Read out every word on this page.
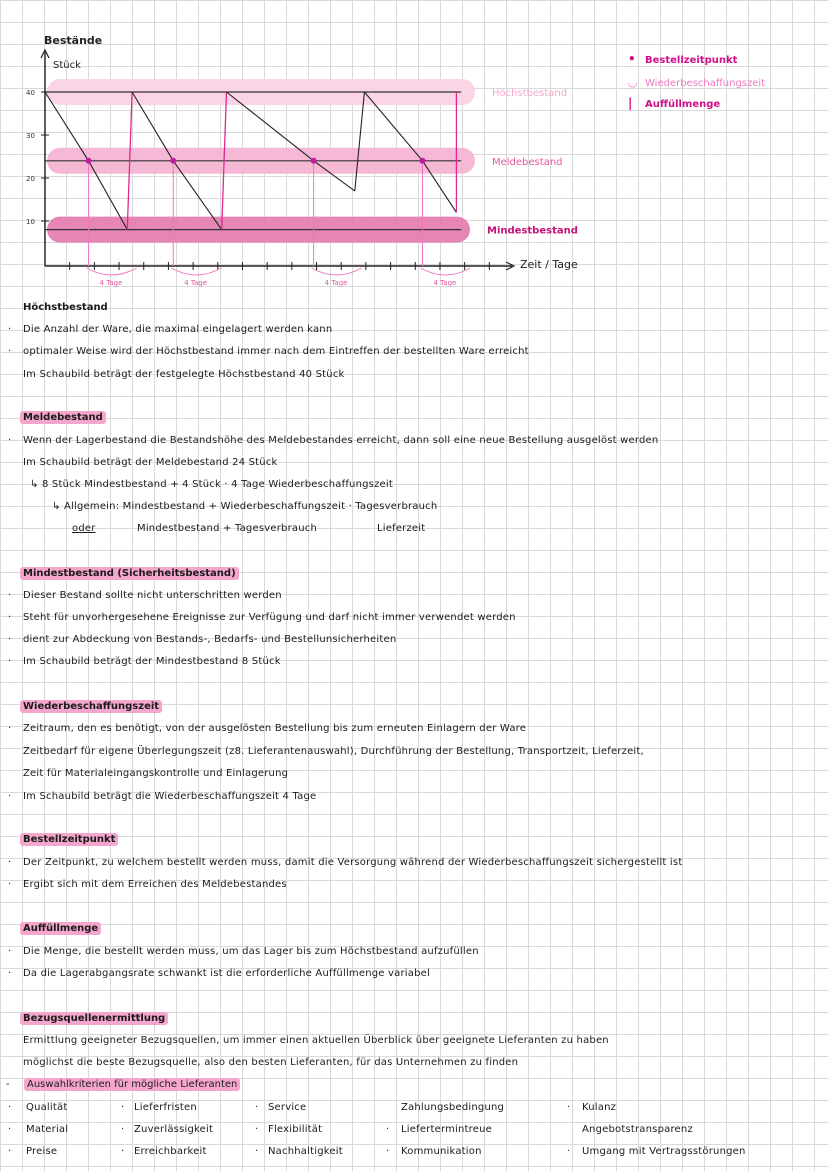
Höchstbestand
Meldebestand
Mindestbestand
10
20
30
40
Bestände
Stück
Zeit / Tage
4 Tage	4 Tage	4 Tage	4 Tage
• Bestellzeitpunkt
◡ Wiederbeschaffungszeit
| Auffüllmenge
Höchstbestand
· Die Anzahl der Ware, die maximal eingelagert werden kann
· optimaler Weise wird der Höchstbestand immer nach dem Eintreffen der bestellten Ware erreicht
Im Schaubild beträgt der festgelegte Höchstbestand 40 Stück
Meldebestand
· Wenn der Lagerbestand die Bestandshöhe des Meldebestandes erreicht, dann soll eine neue Bestellung ausgelöst werden
Im Schaubild beträgt der Meldebestand 24 Stück
↳ 8 Stück Mindestbestand + 4 Stück · 4 Tage Wiederbeschaffungszeit
↳ Allgemein: Mindestbestand + Wiederbeschaffungszeit · Tagesverbrauch
oder	Mindestbestand + Tagesverbrauch	Lieferzeit
Mindestbestand (Sicherheitsbestand)
· Dieser Bestand sollte nicht unterschritten werden
· Steht für unvorhergesehene Ereignisse zur Verfügung und darf nicht immer verwendet werden
· dient zur Abdeckung von Bestands-, Bedarfs- und Bestellunsicherheiten
· Im Schaubild beträgt der Mindestbestand 8 Stück
Wiederbeschaffungszeit
· Zeitraum, den es benötigt, von der ausgelösten Bestellung bis zum erneuten Einlagern der Ware
Zeitbedarf für eigene Überlegungszeit (z8. Lieferantenauswahl), Durchführung der Bestellung, Transportzeit, Lieferzeit,
Zeit für Materialeingangskontrolle und Einlagerung
· Im Schaubild beträgt die Wiederbeschaffungszeit 4 Tage
Bestellzeitpunkt
· Der Zeitpunkt, zu welchem bestellt werden muss, damit die Versorgung während der Wiederbeschaffungszeit sichergestellt ist
· Ergibt sich mit dem Erreichen des Meldebestandes
Auffüllmenge
· Die Menge, die bestellt werden muss, um das Lager bis zum Höchstbestand aufzufüllen
· Da die Lagerabgangsrate schwankt ist die erforderliche Auffüllmenge variabel
Bezugsquellenermittlung
Ermittlung geeigneter Bezugsquellen, um immer einen aktuellen Überblick über geeignete Lieferanten zu haben
möglichst die beste Bezugsquelle, also den besten Lieferanten, für das Unternehmen zu finden
-	Auswahlkriterien für mögliche Lieferanten
· Qualität	· Lieferfristen	· Service	Zahlungsbedingung	· Kulanz
· Material	· Zuverlässigkeit	· Flexibilität	· Liefertermintreue	Angebotstransparenz
· Preise	· Erreichbarkeit	· Nachhaltigkeit	· Kommunikation	· Umgang mit Vertragsstörungen
